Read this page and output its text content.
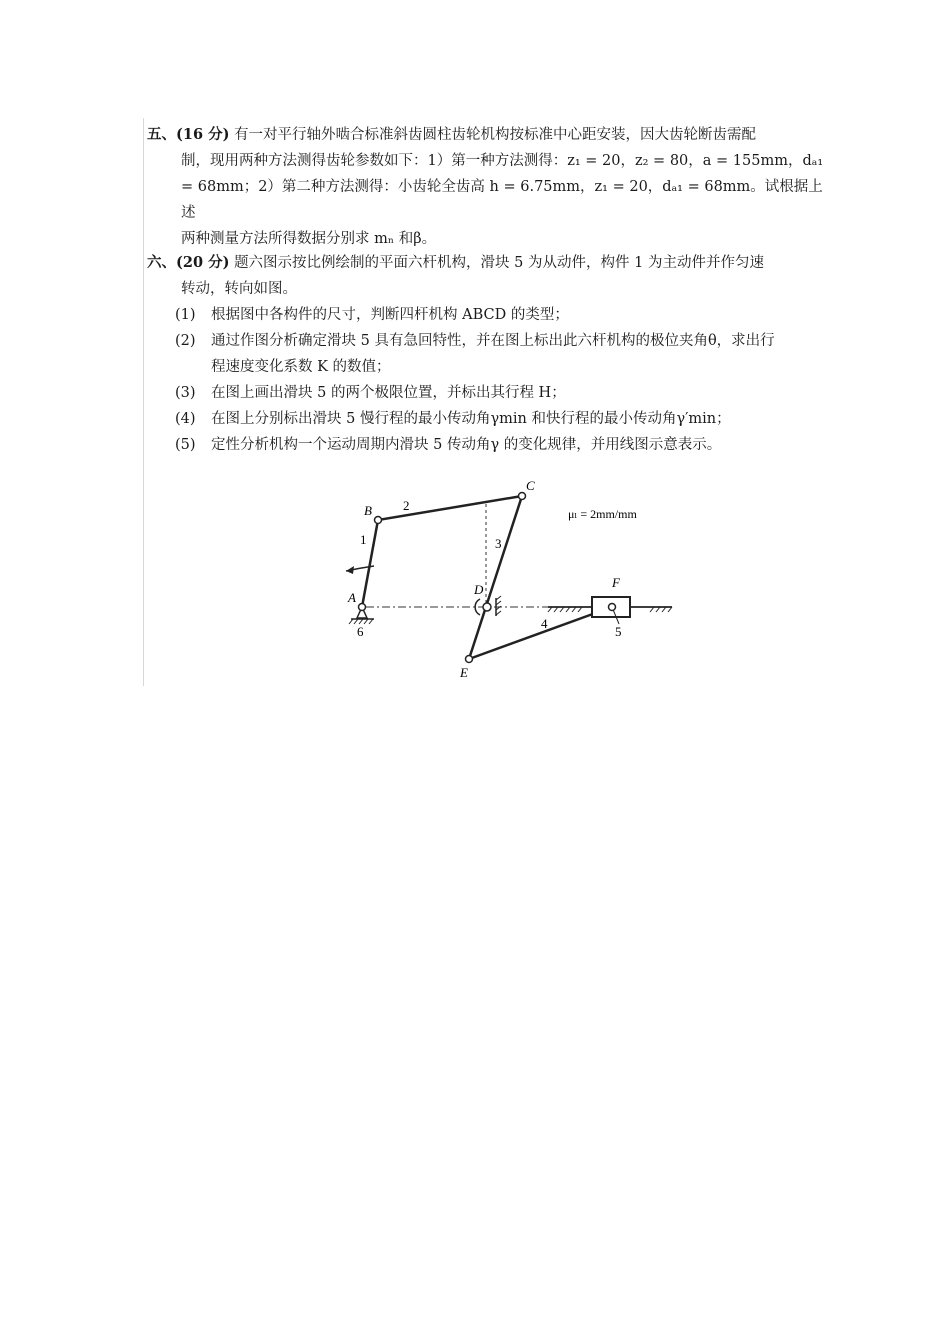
五、(16 分) 有一对平行轴外啮合标准斜齿圆柱齿轮机构按标准中心距安装，因大齿轮断齿需配
制，现用两种方法测得齿轮参数如下：1）第一种方法测得：z₁ = 20，z₂ = 80，a = 155mm，dₐ₁
= 68mm；2）第二种方法测得：小齿轮全齿高 h = 6.75mm，z₁ = 20，dₐ₁ = 68mm。试根据上述
两种测量方法所得数据分别求 mₙ 和β。
六、(20 分) 题六图示按比例绘制的平面六杆机构，滑块 5 为从动件，构件 1 为主动件并作匀速
转动，转向如图。
(1)	根据图中各构件的尺寸，判断四杆机构 ABCD 的类型；
(2)	通过作图分析确定滑块 5 具有急回特性，并在图上标出此六杆机构的极位夹角θ，求出行
程速度变化系数 K 的数值；
(3)	在图上画出滑块 5 的两个极限位置，并标出其行程 H；
(4)	在图上分别标出滑块 5 慢行程的最小传动角γmin 和快行程的最小传动角γ′min；
(5)	定性分析机构一个运动周期内滑块 5 传动角γ 的变化规律，并用线图示意表示。
B
C
A
D
E
F
1
2
3
4
5
6
μₗ = 2mm/mm
